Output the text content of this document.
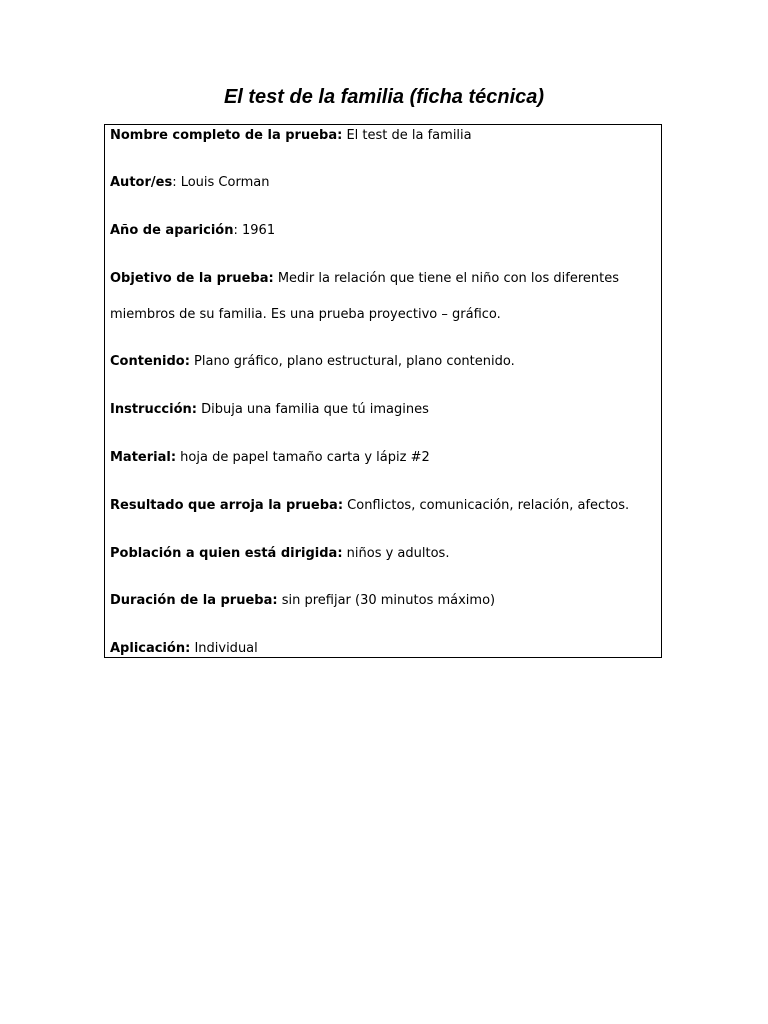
El test de la familia (ficha técnica)
Nombre completo de la prueba: El test de la familia
Autor/es: Louis Corman
Año de aparición: 1961
Objetivo de la prueba: Medir la relación que tiene el niño con los diferentes miembros de su familia. Es una prueba proyectivo – gráfico.
Contenido: Plano gráfico, plano estructural, plano contenido.
Instrucción: Dibuja una familia que tú imagines
Material: hoja de papel tamaño carta y lápiz #2
Resultado que arroja la prueba: Conflictos, comunicación, relación, afectos.
Población a quien está dirigida: niños y adultos.
Duración de la prueba: sin prefijar (30 minutos máximo)
Aplicación: Individual
